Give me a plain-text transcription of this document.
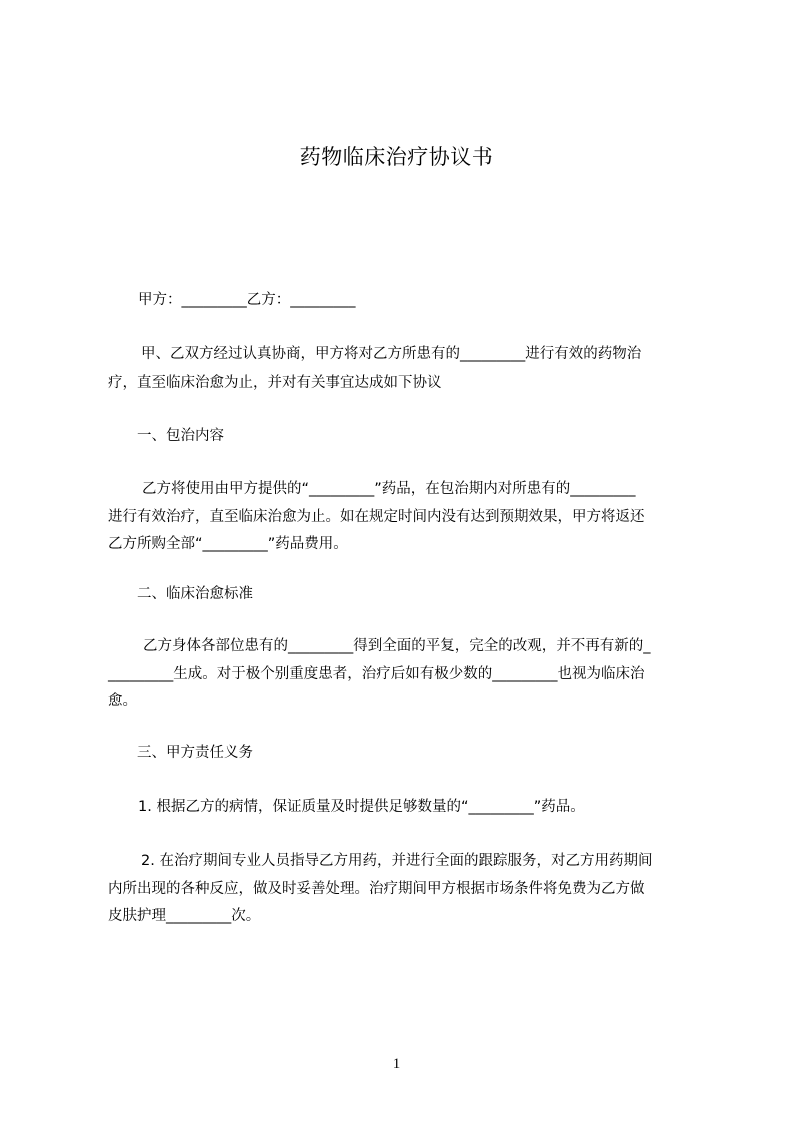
药物临床治疗协议书
甲方：_________乙方：_________
甲、乙双方经过认真协商，甲方将对乙方所患有的_________进行有效的药物治
疗，直至临床治愈为止，并对有关事宜达成如下协议
一、包治内容
乙方将使用由甲方提供的“_________”药品，在包治期内对所患有的_________
进行有效治疗，直至临床治愈为止。如在规定时间内没有达到预期效果，甲方将返还
乙方所购全部“_________”药品费用。
二、临床治愈标准
乙方身体各部位患有的_________得到全面的平复，完全的改观，并不再有新的_
_________生成。对于极个别重度患者，治疗后如有极少数的_________也视为临床治
愈。
三、甲方责任义务
1. 根据乙方的病情，保证质量及时提供足够数量的“_________”药品。
2. 在治疗期间专业人员指导乙方用药，并进行全面的跟踪服务，对乙方用药期间
内所出现的各种反应，做及时妥善处理。治疗期间甲方根据市场条件将免费为乙方做
皮肤护理_________次。
1
